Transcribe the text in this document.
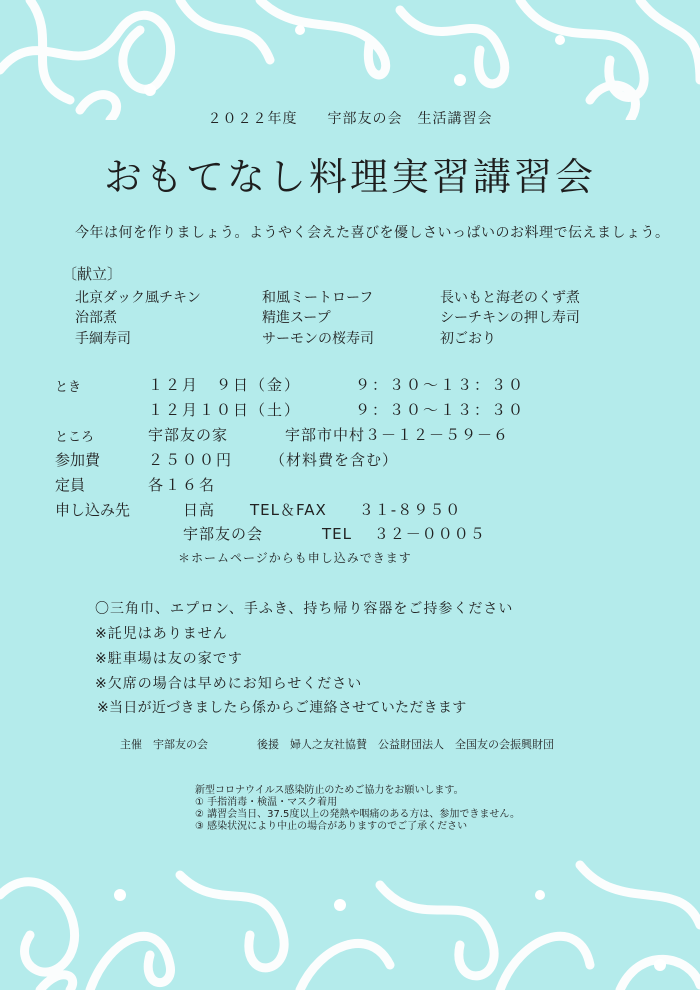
２０２２年度　　宇部友の会　生活講習会
おもてなし料理実習講習会
今年は何を作りましょう。ようやく会えた喜びを優しさいっぱいのお料理で伝えましょう。
〔献立〕
北京ダック風チキン	和風ミートローフ	長いもと海老のくず煮
治部煮	精進スープ	シーチキンの押し寿司
手綱寿司	サーモンの桜寿司	初ごおり
とき	１２月　９日（金）	９：３０～１３：３０
１２月１０日（土）	９：３０～１３：３０
ところ	宇部友の家	宇部市中村３－１２－５９－６
参加費	２５００円 （材料費を含む）
定員	各１６名
申し込み先	日高 TEL＆FAX　　３１-８９５０
宇部友の会	TEL　 ３２－０００５
＊ホームページからも申し込みできます
〇三角巾、エプロン、手ふき、持ち帰り容器をご持参ください
※託児はありません
※駐車場は友の家です
※欠席の場合は早めにお知らせください
※当日が近づきましたら係からご連絡させていただきます
主催　宇部友の会	後援　婦人之友社協賛　公益財団法人　全国友の会振興財団
新型コロナウイルス感染防止のためご協力をお願いします。
① 手指消毒・検温・マスク着用
② 講習会当日、37.5度以上の発熱や咽痛のある方は、参加できません。
③ 感染状況により中止の場合がありますのでご了承ください
